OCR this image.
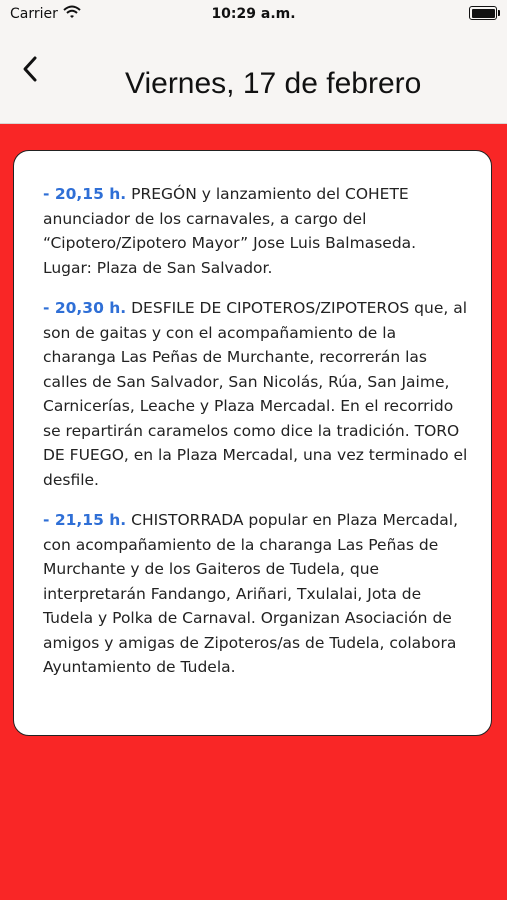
Carrier	10:29 a.m.
Viernes, 17 de febrero

- 20,15 h. PREGÓN y lanzamiento del COHETE anunciador de los carnavales, a cargo del “Cipotero/Zipotero Mayor” Jose Luis Balmaseda. Lugar: Plaza de San Salvador.

- 20,30 h. DESFILE DE CIPOTEROS/ZIPOTEROS que, al son de gaitas y con el acompañamiento de la charanga Las Peñas de Murchante, recorrerán las calles de San Salvador, San Nicolás, Rúa, San Jaime, Carnicerías, Leache y Plaza Mercadal. En el recorrido se repartirán caramelos como dice la tradición. TORO DE FUEGO, en la Plaza Mercadal, una vez terminado el desfile.

- 21,15 h. CHISTORRADA popular en Plaza Mercadal, con acompañamiento de la charanga Las Peñas de Murchante y de los Gaiteros de Tudela, que interpretarán Fandango, Ariñari, Txulalai, Jota de Tudela y Polka de Carnaval. Organizan Asociación de amigos y amigas de Zipoteros/as de Tudela, colabora Ayuntamiento de Tudela.
